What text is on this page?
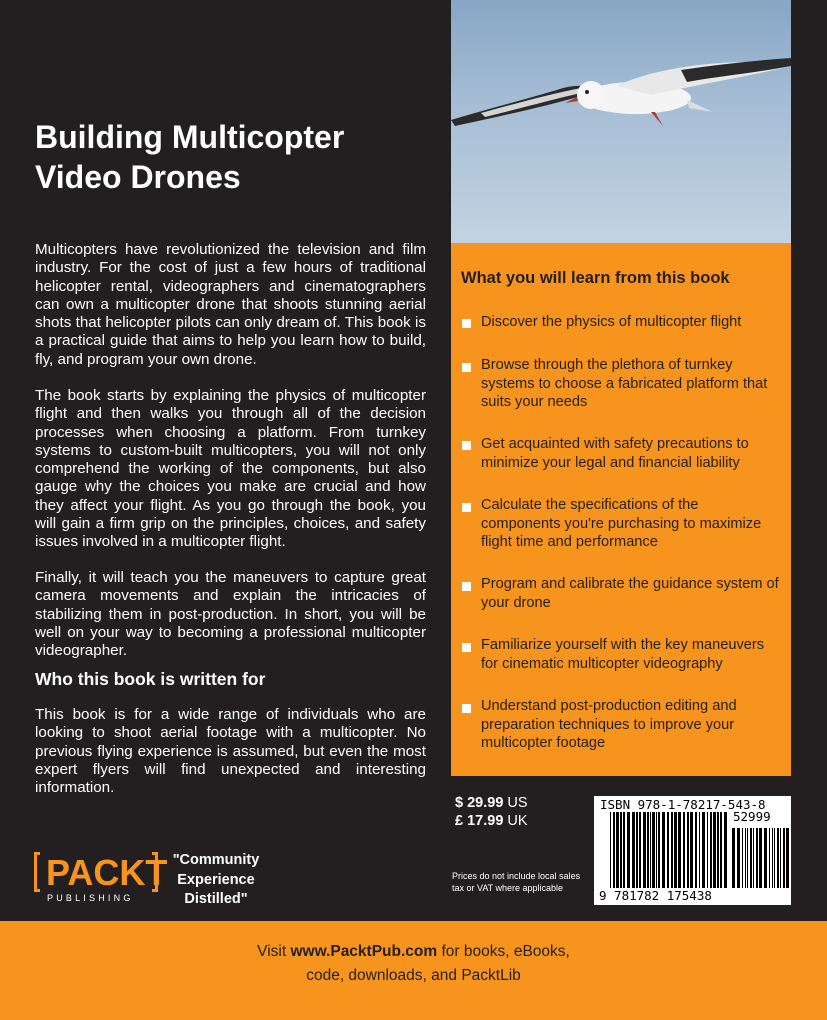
Building Multicopter
Video Drones
Multicopters have revolutionized the television and film industry. For the cost of just a few hours of traditional helicopter rental, videographers and cinematographers can own a multicopter drone that shoots stunning aerial shots that helicopter pilots can only dream of. This book is a practical guide that aims to help you learn how to build, fly, and program your own drone.
The book starts by explaining the physics of multicopter flight and then walks you through all of the decision processes when choosing a platform. From turnkey systems to custom-built multicopters, you will not only comprehend the working of the components, but also gauge why the choices you make are crucial and how they affect your flight. As you go through the book, you will gain a firm grip on the principles, choices, and safety issues involved in a multicopter flight.
Finally, it will teach you the maneuvers to capture great camera movements and explain the intricacies of stabilizing them in post-production. In short, you will be well on your way to becoming a professional multicopter videographer.
Who this book is written for
This book is for a wide range of individuals who are looking to shoot aerial footage with a multicopter. No previous flying experience is assumed, but even the most expert flyers will find unexpected and interesting information.
What you will learn from this book
Discover the physics of multicopter flight
Browse through the plethora of turnkey systems to choose a fabricated platform that suits your needs
Get acquainted with safety precautions to minimize your legal and financial liability
Calculate the specifications of the components you're purchasing to maximize flight time and performance
Program and calibrate the guidance system of your drone
Familiarize yourself with the key maneuvers for cinematic multicopter videography
Understand post-production editing and preparation techniques to improve your multicopter footage
$ 29.99 US
£ 17.99 UK
Prices do not include local sales tax or VAT where applicable
ISBN 978-1-78217-543-8
52999
9 781782 175438
PACKT
PUBLISHING
"Community Experience Distilled"
Visit www.PacktPub.com for books, eBooks,
code, downloads, and PacktLib
